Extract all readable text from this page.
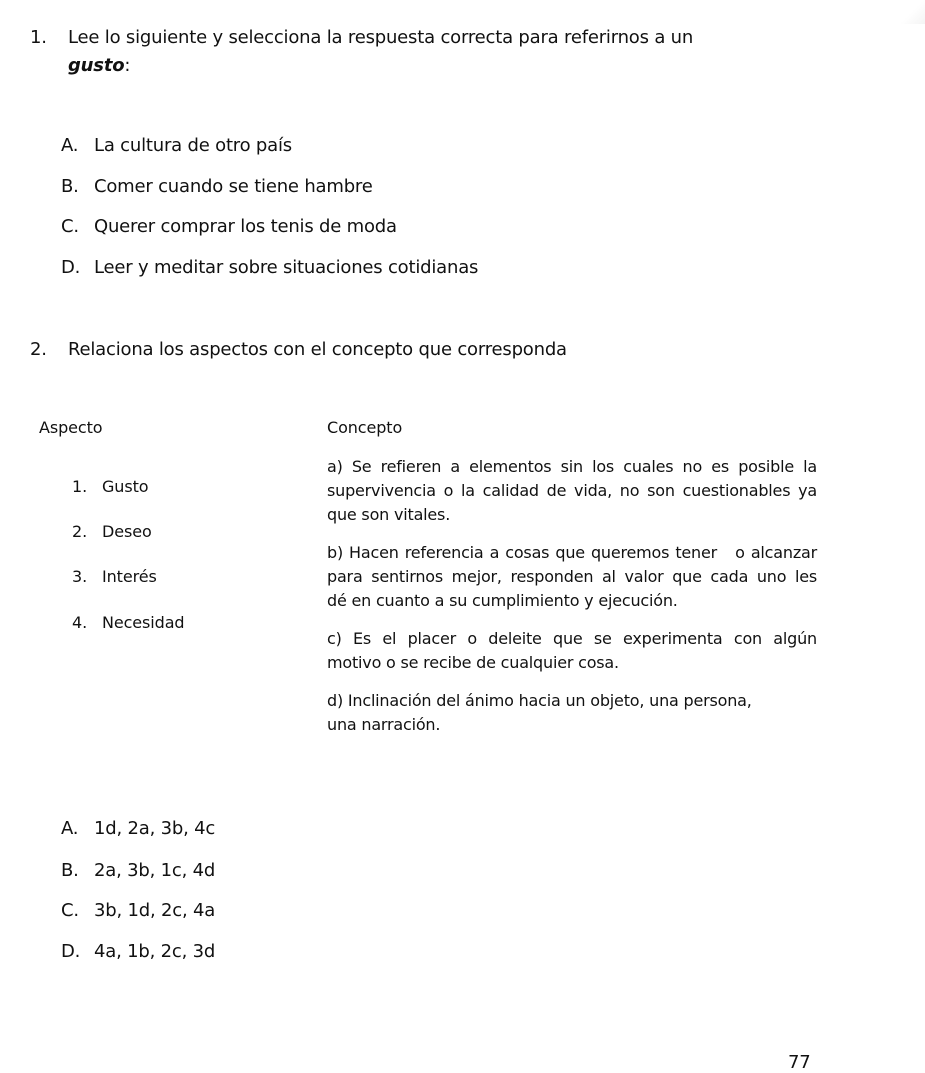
1. Lee lo siguiente y selecciona la respuesta correcta para referirnos a un
gusto:
A. La cultura de otro país
B. Comer cuando se tiene hambre
C. Querer comprar los tenis de moda
D. Leer y meditar sobre situaciones cotidianas
2. Relaciona los aspectos con el concepto que corresponda
Aspecto	Concepto
1. Gusto
2. Deseo
3. Interés
4. Necesidad
a) Se refieren a elementos sin los cuales no es posible la
supervivencia o la calidad de vida, no son cuestionables ya
que son vitales.
b) Hacen referencia a cosas que queremos tener   o alcanzar
para sentirnos mejor, responden al valor que cada uno les
dé en cuanto a su cumplimiento y ejecución.
c) Es el placer o deleite que se experimenta con algún
motivo o se recibe de cualquier cosa.
d) Inclinación del ánimo hacia un objeto, una persona,
una narración.
A. 1d, 2a, 3b, 4c
B. 2a, 3b, 1c, 4d
C. 3b, 1d, 2c, 4a
D. 4a, 1b, 2c, 3d
77
